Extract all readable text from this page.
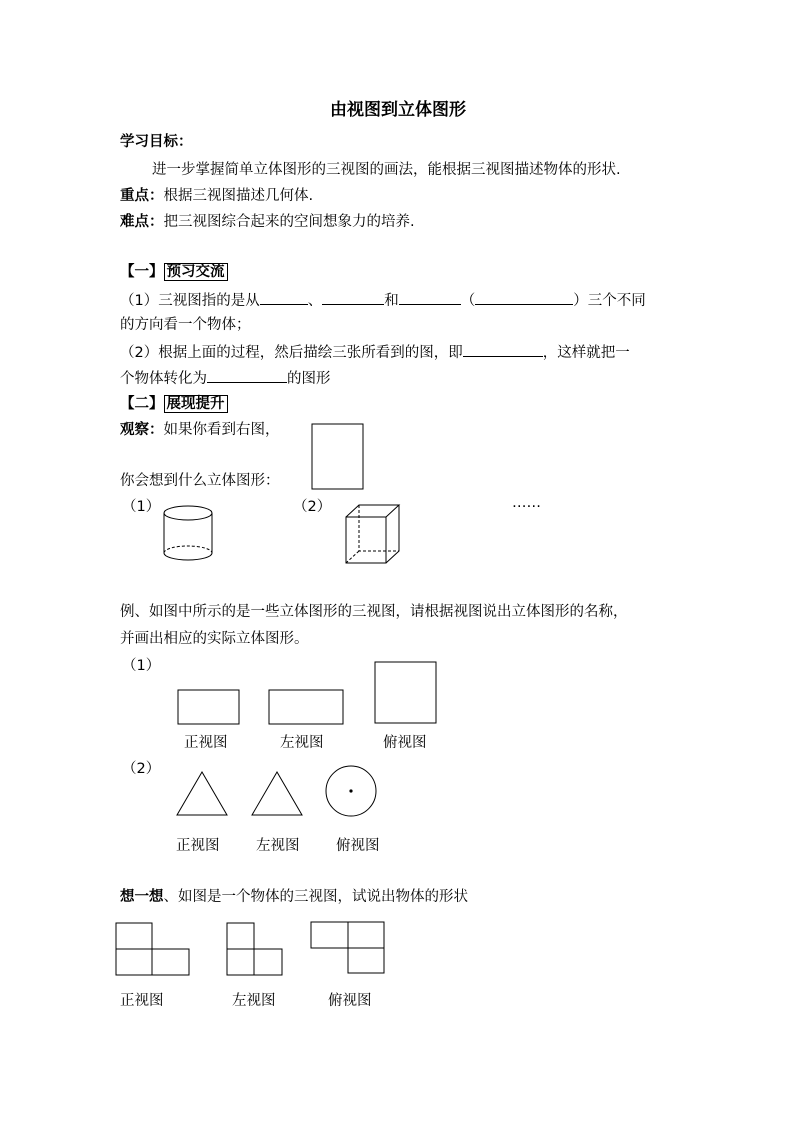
由视图到立体图形
学习目标：
进一步掌握简单立体图形的三视图的画法，能根据三视图描述物体的形状.
重点：根据三视图描述几何体.
难点：把三视图综合起来的空间想象力的培养.
【一】 预习交流
（1）三视图指的是从	、	和	（	）三个不同
的方向看一个物体；
（2）根据上面的过程，然后描绘三张所看到的图，即	，这样就把一
个物体转化为	的图形
【二】 展现提升
观察：如果你看到右图，
你会想到什么立体图形：
（1）	（2）	……
例、如图中所示的是一些立体图形的三视图，请根据视图说出立体图形的名称，
并画出相应的实际立体图形。
（1）
正视图	左视图	俯视图
（2）
正视图	左视图	俯视图
想一想、如图是一个物体的三视图，试说出物体的形状
正视图	左视图	俯视图
